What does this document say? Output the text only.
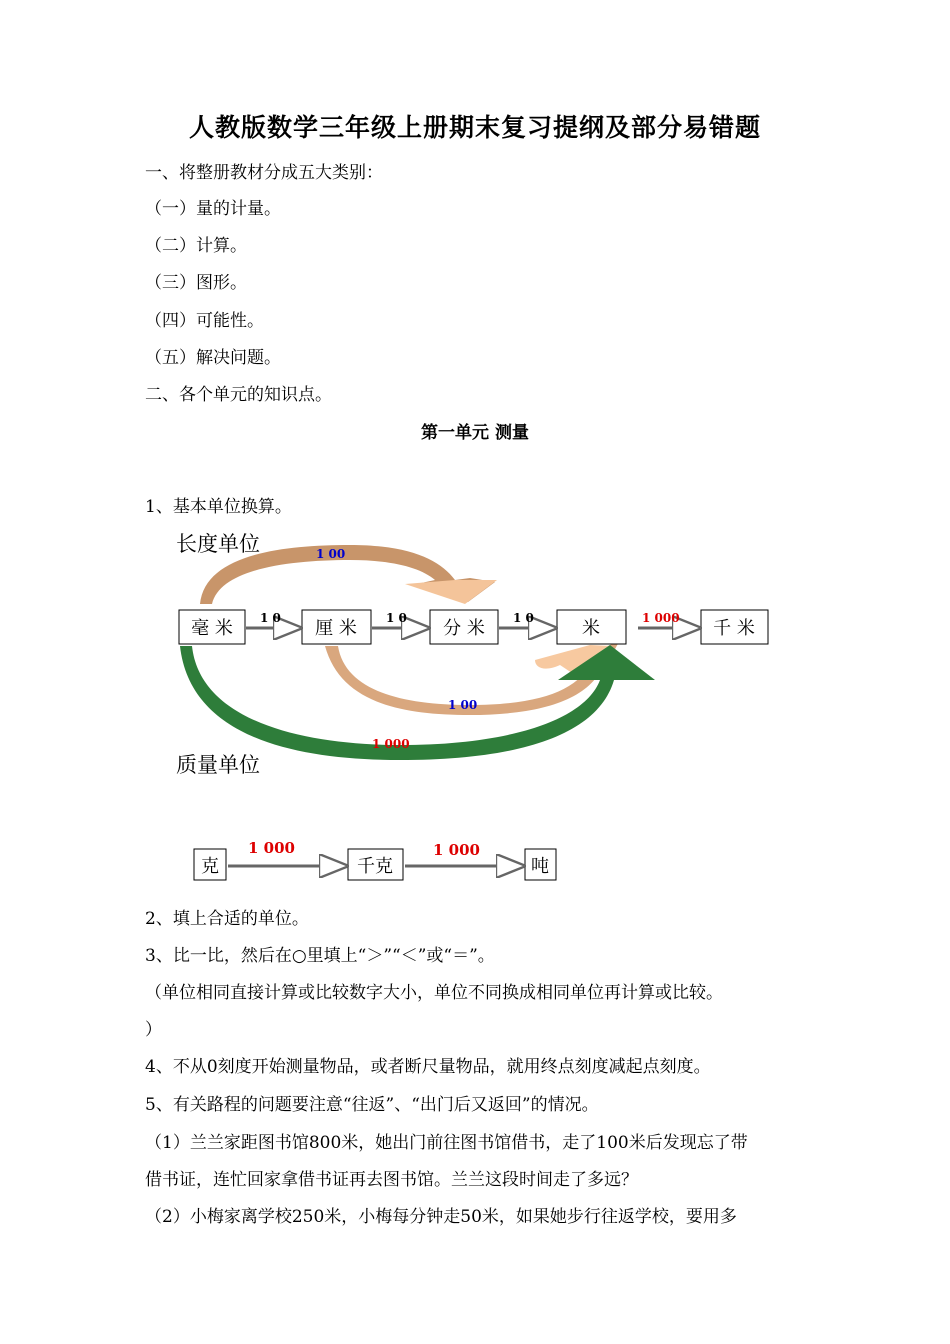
人教版数学三年级上册期末复习提纲及部分易错题
一、将整册教材分成五大类别：
（一）量的计量。
（二）计算。
（三）图形。
（四）可能性。
（五）解决问题。
二、各个单元的知识点。
第一单元 测量
1、基本单位换算。
长度单位
质量单位
1 00
1 00
1 000
毫 米	厘 米	分 米	米	千 米
1 0	1 0	1 0	1 000
克	千克	吨
1 000	1 000
2、填上合适的单位。
3、比一比，然后在○里填上“＞”“＜”或“＝”。
（单位相同直接计算或比较数字大小，单位不同换成相同单位再计算或比较。
）
4、不从0刻度开始测量物品，或者断尺量物品，就用终点刻度减起点刻度。
5、有关路程的问题要注意“往返”、“出门后又返回”的情况。
（1）兰兰家距图书馆800米，她出门前往图书馆借书，走了100米后发现忘了带
借书证，连忙回家拿借书证再去图书馆。兰兰这段时间走了多远？
（2）小梅家离学校250米，小梅每分钟走50米，如果她步行往返学校，要用多
